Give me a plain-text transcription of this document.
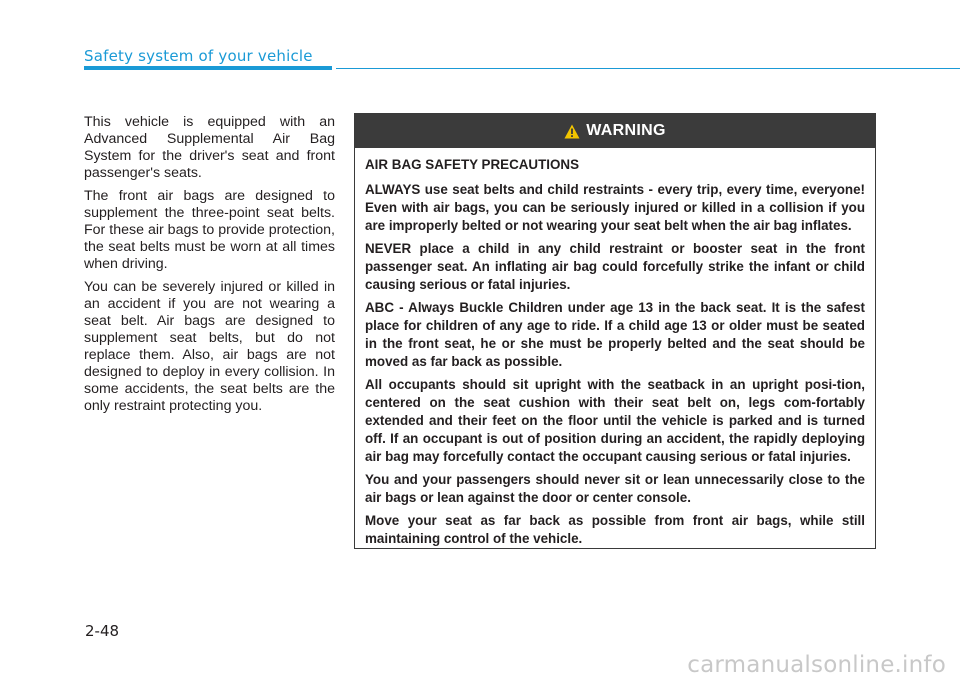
Safety system of your vehicle

This vehicle is equipped with an Advanced Supplemental Air Bag System for the driver's seat and front passenger's seats.

The front air bags are designed to supplement the three-point seat belts. For these air bags to provide protection, the seat belts must be worn at all times when driving.

You can be severely injured or killed in an accident if you are not wearing a seat belt. Air bags are designed to supplement seat belts, but do not replace them. Also, air bags are not designed to deploy in every collision. In some accidents, the seat belts are the only restraint protecting you.

WARNING

AIR BAG SAFETY PRECAUTIONS

ALWAYS use seat belts and child restraints - every trip, every time, everyone! Even with air bags, you can be seriously injured or killed in a collision if you are improperly belted or not wearing your seat belt when the air bag inflates.

NEVER place a child in any child restraint or booster seat in the front passenger seat. An inflating air bag could forcefully strike the infant or child causing serious or fatal injuries.

ABC - Always Buckle Children under age 13 in the back seat. It is the safest place for children of any age to ride. If a child age 13 or older must be seated in the front seat, he or she must be properly belted and the seat should be moved as far back as possible.

All occupants should sit upright with the seatback in an upright posi-tion, centered on the seat cushion with their seat belt on, legs com-fortably extended and their feet on the floor until the vehicle is parked and is turned off. If an occupant is out of position during an accident, the rapidly deploying air bag may forcefully contact the occupant causing serious or fatal injuries.

You and your passengers should never sit or lean unnecessarily close to the air bags or lean against the door or center console.

Move your seat as far back as possible from front air bags, while still maintaining control of the vehicle.

2-48
carmanualsonline.info
